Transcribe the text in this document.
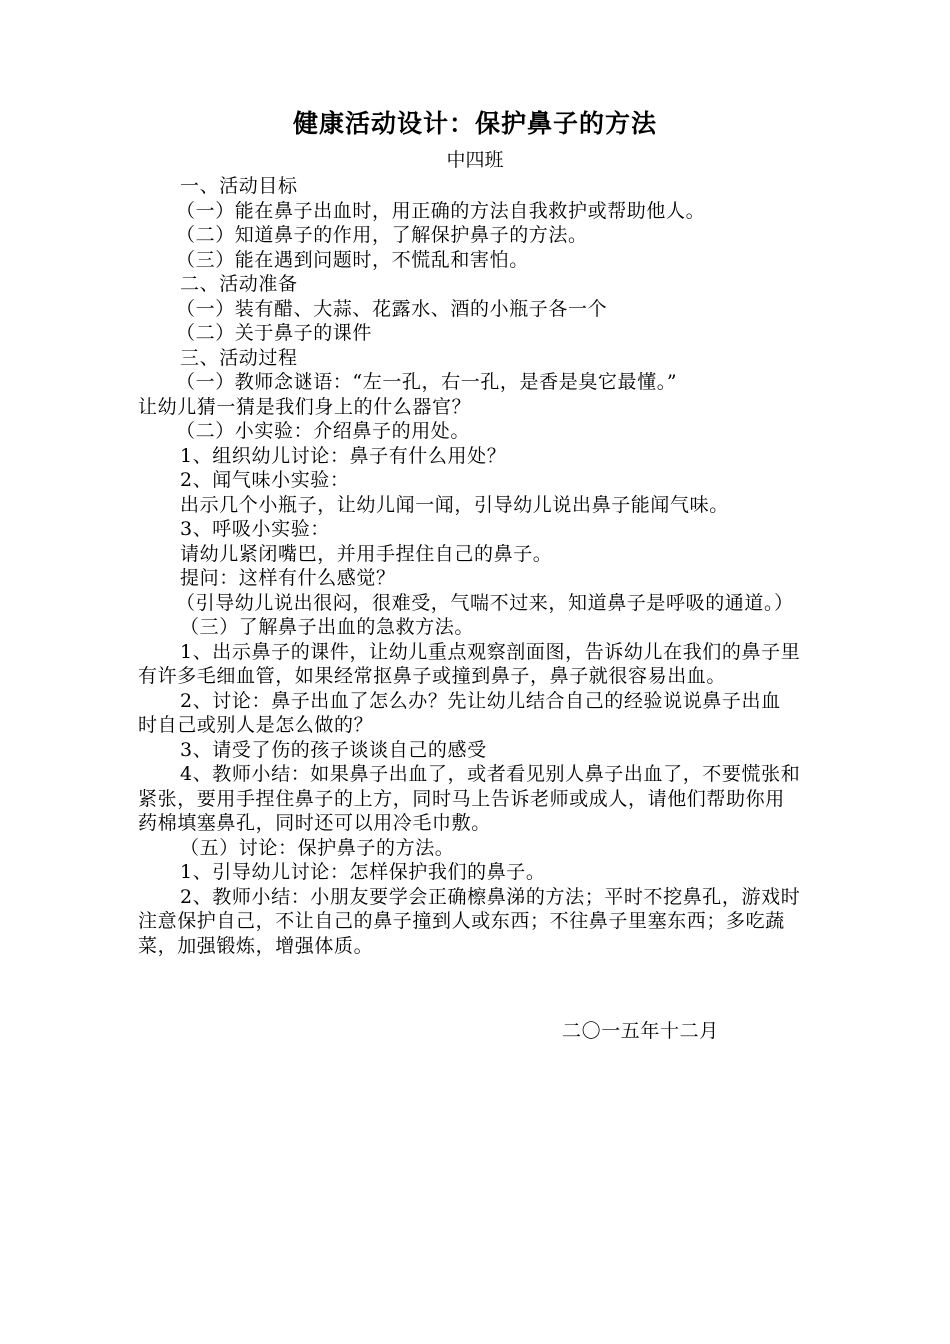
健康活动设计：保护鼻子的方法
中四班
一、活动目标
（一）能在鼻子出血时，用正确的方法自我救护或帮助他人。
（二）知道鼻子的作用，了解保护鼻子的方法。
（三）能在遇到问题时，不慌乱和害怕。
二、活动准备
（一）装有醋、大蒜、花露水、酒的小瓶子各一个
（二）关于鼻子的课件
三、活动过程
（一）教师念谜语：“左一孔，右一孔，是香是臭它最懂。”
让幼儿猜一猜是我们身上的什么器官？
（二）小实验：介绍鼻子的用处。
1、组织幼儿讨论：鼻子有什么用处？
2、闻气味小实验：
出示几个小瓶子，让幼儿闻一闻，引导幼儿说出鼻子能闻气味。
3、呼吸小实验：
请幼儿紧闭嘴巴，并用手捏住自己的鼻子。
提问：这样有什么感觉？
（引导幼儿说出很闷，很难受，气喘不过来，知道鼻子是呼吸的通道。）
（三）了解鼻子出血的急救方法。
1、出示鼻子的课件，让幼儿重点观察剖面图，告诉幼儿在我们的鼻子里
有许多毛细血管，如果经常抠鼻子或撞到鼻子，鼻子就很容易出血。
2、讨论：鼻子出血了怎么办？先让幼儿结合自己的经验说说鼻子出血
时自己或别人是怎么做的？
3、请受了伤的孩子谈谈自己的感受
4、教师小结：如果鼻子出血了，或者看见别人鼻子出血了，不要慌张和
紧张，要用手捏住鼻子的上方，同时马上告诉老师或成人，请他们帮助你用
药棉填塞鼻孔，同时还可以用冷毛巾敷。
（五）讨论：保护鼻子的方法。
1、引导幼儿讨论：怎样保护我们的鼻子。
2、教师小结：小朋友要学会正确檫鼻涕的方法；平时不挖鼻孔，游戏时
注意保护自己，不让自己的鼻子撞到人或东西；不往鼻子里塞东西；多吃蔬
菜，加强锻炼，增强体质。
二〇一五年十二月
